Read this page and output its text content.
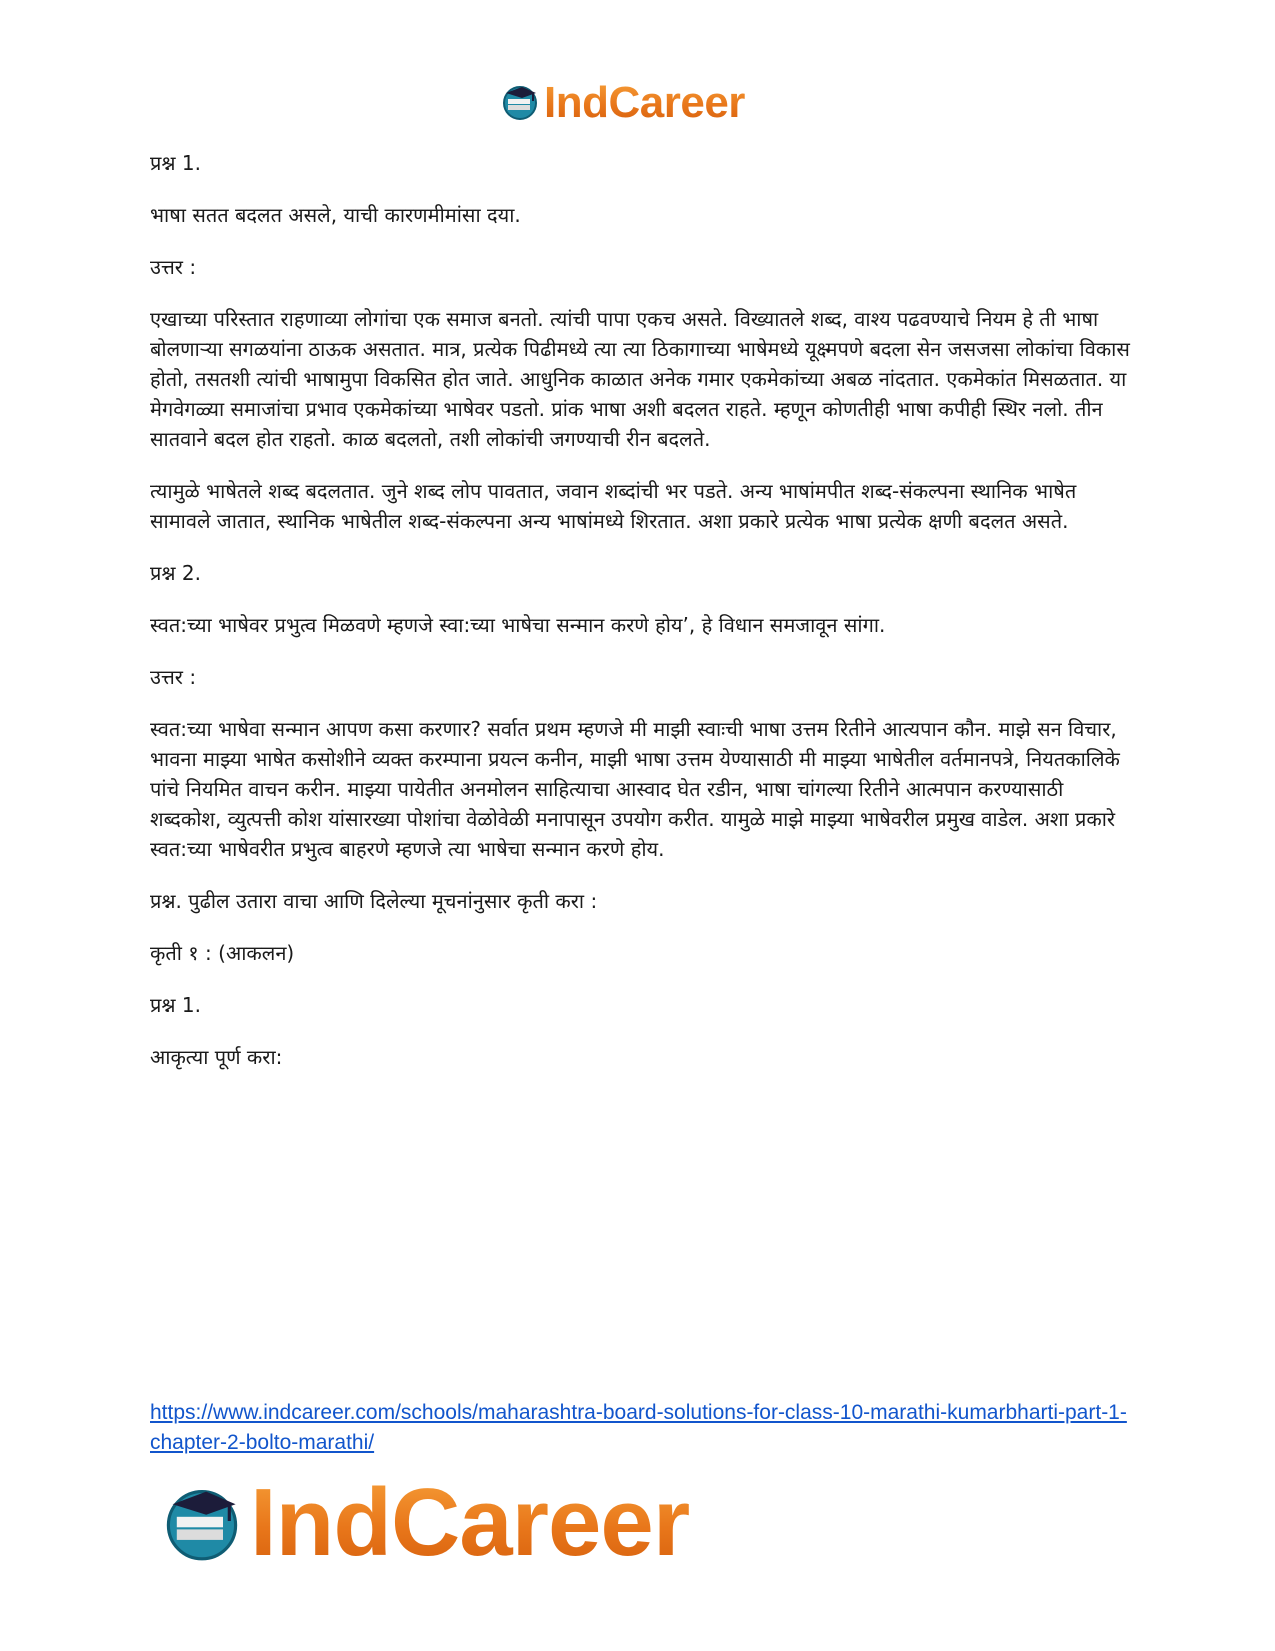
IndCareer

प्रश्न 1.

भाषा सतत बदलत असले, याची कारणमीमांसा दया.

उत्तर :

एखाच्या परिस्तात राहणाव्या लोगांचा एक समाज बनतो. त्यांची पापा एकच असते. विख्यातले शब्द, वाश्य पढवण्याचे नियम हे ती भाषा बोलणाऱ्या सगळयांना ठाऊक असतात. मात्र, प्रत्येक पिढीमध्ये त्या त्या ठिकागाच्या भाषेमध्ये यूक्ष्मपणे बदला सेन जसजसा लोकांचा विकास होतो, तसतशी त्यांची भाषामुपा विकसित होत जाते. आधुनिक काळात अनेक गमार एकमेकांच्या अबळ नांदतात. एकमेकांत मिसळतात. या मेगवेगळ्या समाजांचा प्रभाव एकमेकांच्या भाषेवर पडतो. प्रांक भाषा अशी बदलत राहते. म्हणून कोणतीही भाषा कपीही स्थिर नलो. तीन सातवाने बदल होत राहतो. काळ बदलतो, तशी लोकांची जगण्याची रीन बदलते.

त्यामुळे भाषेतले शब्द बदलतात. जुने शब्द लोप पावतात, जवान शब्दांची भर पडते. अन्य भाषांमपीत शब्द-संकल्पना स्थानिक भाषेत सामावले जातात, स्थानिक भाषेतील शब्द-संकल्पना अन्य भाषांमध्ये शिरतात. अशा प्रकारे प्रत्येक भाषा प्रत्येक क्षणी बदलत असते.

प्रश्न 2.

स्वत:च्या भाषेवर प्रभुत्व मिळवणे म्हणजे स्वा:च्या भाषेचा सन्मान करणे होय’, हे विधान समजावून सांगा.

उत्तर :

स्वत:च्या भाषेवा सन्मान आपण कसा करणार? सर्वात प्रथम म्हणजे मी माझी स्वाःची भाषा उत्तम रितीने आत्यपान कौन. माझे सन विचार, भावना माझ्या भाषेत कसोशीने व्यक्त करम्पाना प्रयत्न कनीन, माझी भाषा उत्तम येण्यासाठी मी माझ्या भाषेतील वर्तमानपत्रे, नियतकालिके पांचे नियमित वाचन करीन. माझ्या पायेतीत अनमोलन साहित्याचा आस्वाद घेत रडीन, भाषा चांगल्या रितीने आत्मपान करण्यासाठी शब्दकोश, व्युत्पत्ती कोश यांसारख्या पोशांचा वेळोवेळी मनापासून उपयोग करीत. यामुळे माझे माझ्या भाषेवरील प्रमुख वाडेल. अशा प्रकारे स्वत:च्या भाषेवरीत प्रभुत्व बाहरणे म्हणजे त्या भाषेचा सन्मान करणे होय.

प्रश्न. पुढील उतारा वाचा आणि दिलेल्या मूचनांनुसार कृती करा :

कृती १ : (आकलन)

प्रश्न 1.

आकृत्या पूर्ण करा:

https://www.indcareer.com/schools/maharashtra-board-solutions-for-class-10-marathi-kumarbharti-part-1-chapter-2-bolto-marathi/
IndCareer
